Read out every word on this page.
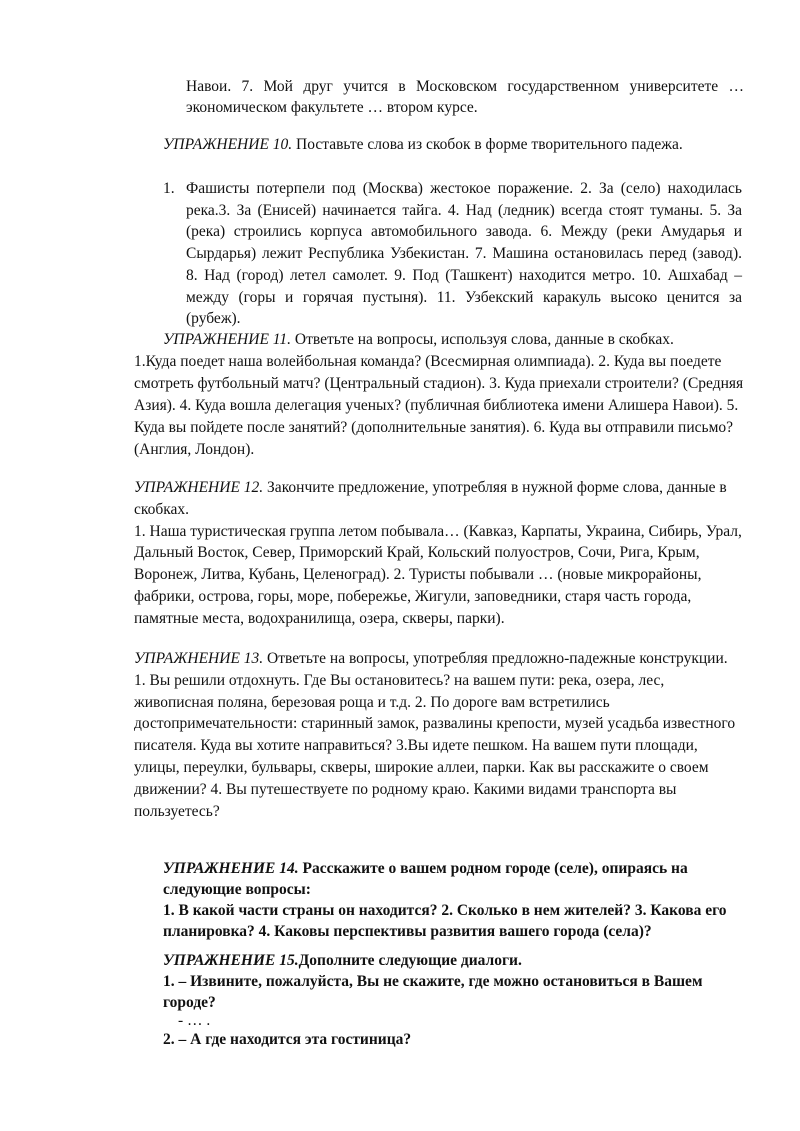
Навои. 7. Мой друг учится в Московском государственном университете … экономическом факультете … втором курсе.

УПРАЖНЕНИЕ 10. Поставьте слова из скобок в форме творительного падежа.
1. Фашисты потерпели под (Москва) жестокое поражение. 2. За (село) находилась река.3. За (Енисей) начинается тайга. 4. Над (ледник) всегда стоят туманы. 5. За (река) строились корпуса автомобильного завода. 6. Между (реки Амударья и Сырдарья) лежит Республика Узбекистан. 7. Машина остановилась перед (завод). 8. Над (город) летел самолет. 9. Под (Ташкент) находится метро. 10. Ашхабад – между (горы и горячая пустыня). 11. Узбекский каракуль высоко ценится за (рубеж).

УПРАЖНЕНИЕ 11. Ответьте на вопросы, используя слова, данные в скобках.

1.Куда поедет наша волейбольная команда? (Всесмирная олимпиада). 2. Куда вы поедете смотреть футбольный матч? (Центральный стадион). 3. Куда приехали строители? (Средняя Азия). 4. Куда вошла делегация ученых? (публичная библиотека имени Алишера Навои). 5. Куда вы пойдете после занятий? (дополнительные занятия). 6. Куда вы отправили письмо? (Англия, Лондон).

УПРАЖНЕНИЕ 12. Закончите предложение, употребляя в нужной форме слова, данные в скобках.

1. Наша туристическая группа летом побывала… (Кавказ, Карпаты, Украина, Сибирь, Урал, Дальный Восток, Север, Приморский Край, Кольский полуостров, Сочи, Рига, Крым, Воронеж, Литва, Кубань, Целеноград). 2. Туристы побывали … (новые микрорайоны, фабрики, острова, горы, море, побережье, Жигули, заповедники, старя часть города, памятные места, водохранилища, озера, скверы, парки).

УПРАЖНЕНИЕ 13. Ответьте на вопросы, употребляя предложно-падежные конструкции.

1. Вы решили отдохнуть. Где Вы остановитесь? на вашем пути: река, озера, лес, живописная поляна, березовая роща и т.д. 2. По дороге вам встретились достопримечательности: старинный замок, развалины крепости, музей усадьба известного писателя. Куда вы хотите направиться? 3.Вы идете пешком. На вашем пути площади, улицы, переулки, бульвары, скверы, широкие аллеи, парки. Как вы расскажите о своем движении? 4. Вы путешествуете по родному краю. Какими видами транспорта вы пользуетесь?

УПРАЖНЕНИЕ 14. Расскажите о вашем родном городе (селе), опираясь на следующие вопросы:

1. В какой части страны он находится? 2. Сколько в нем жителей? 3. Какова его планировка? 4. Каковы перспективы развития вашего города (села)?

УПРАЖНЕНИЕ 15.Дополните следующие диалоги.

1. – Извините, пожалуйста, Вы не скажите, где можно остановиться в Вашем городе?

- … .

2. – А где находится эта гостиница?
